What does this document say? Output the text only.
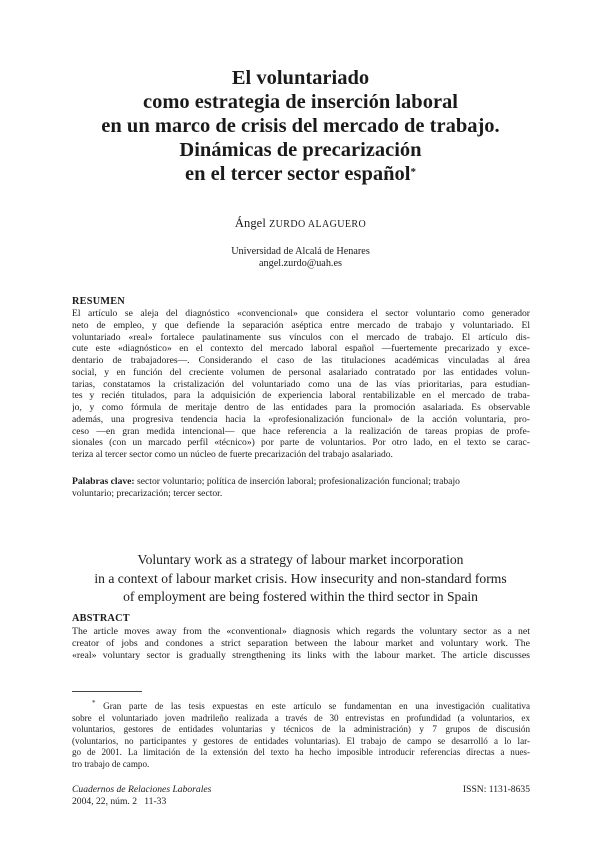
El voluntariado
como estrategia de inserción laboral
en un marco de crisis del mercado de trabajo.
Dinámicas de precarización
en el tercer sector español*
Ángel ZURDO ALAGUERO
Universidad de Alcalá de Henares
angel.zurdo@uah.es
RESUMEN
El artículo se aleja del diagnóstico «convencional» que considera el sector voluntario como generador
neto de empleo, y que defiende la separación aséptica entre mercado de trabajo y voluntariado. El
voluntariado «real» fortalece paulatinamente sus vínculos con el mercado de trabajo. El artículo dis-
cute este «diagnóstico» en el contexto del mercado laboral español —fuertemente precarizado y exce-
dentario de trabajadores—. Considerando el caso de las titulaciones académicas vinculadas al área
social, y en función del creciente volumen de personal asalariado contratado por las entidades volun-
tarias, constatamos la cristalización del voluntariado como una de las vías prioritarias, para estudian-
tes y recién titulados, para la adquisición de experiencia laboral rentabilizable en el mercado de traba-
jo, y como fórmula de meritaje dentro de las entidades para la promoción asalariada. Es observable
además, una progresiva tendencia hacia la «profesionalización funcional» de la acción voluntaria, pro-
ceso —en gran medida intencional— que hace referencia a la realización de tareas propias de profe-
sionales (con un marcado perfil «técnico») por parte de voluntarios. Por otro lado, en el texto se carac-
teriza al tercer sector como un núcleo de fuerte precarización del trabajo asalariado.
Palabras clave: sector voluntario; política de inserción laboral; profesionalización funcional; trabajo
voluntario; precarización; tercer sector.
Voluntary work as a strategy of labour market incorporation
in a context of labour market crisis. How insecurity and non-standard forms
of employment are being fostered within the third sector in Spain
ABSTRACT
The article moves away from the «conventional» diagnosis which regards the voluntary sector as a net
creator of jobs and condones a strict separation between the labour market and voluntary work. The
«real» voluntary sector is gradually strengthening its links with the labour market. The article discusses
* Gran parte de las tesis expuestas en este artículo se fundamentan en una investigación cualitativa
sobre el voluntariado joven madrileño realizada a través de 30 entrevistas en profundidad (a voluntarios, ex
voluntarios, gestores de entidades voluntarias y técnicos de la administración) y 7 grupos de discusión
(voluntarios, no participantes y gestores de entidades voluntarias). El trabajo de campo se desarrolló a lo lar-
go de 2001. La limitación de la extensión del texto ha hecho imposible introducir referencias directas a nues-
tro trabajo de campo.
Cuadernos de Relaciones Laborales
2004, 22, núm. 2   11-33
ISSN: 1131-8635
